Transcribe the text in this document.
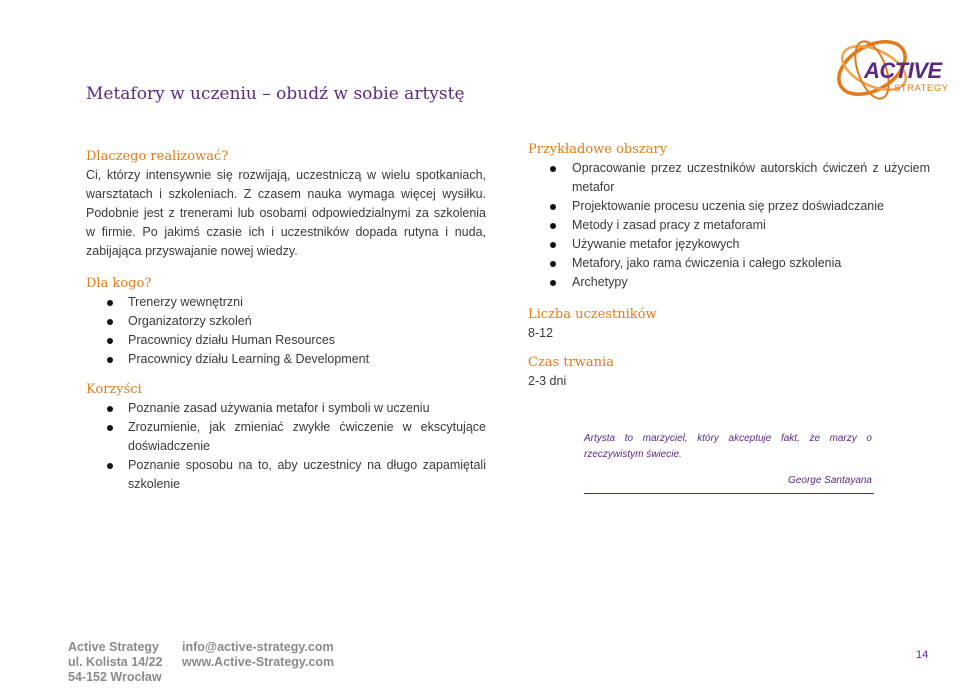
ACTIVE
STRATEGY
Metafory w uczeniu – obudź w sobie artystę
Dlaczego realizować?
Ci, którzy intensywnie się rozwijają, uczestniczą w wielu spotkaniach,
warsztatach i szkoleniach. Z czasem nauka wymaga więcej wysiłku.
Podobnie jest z trenerami lub osobami odpowiedzialnymi za szkolenia
w firmie. Po jakimś czasie ich i uczestników dopada rutyna i nuda,
zabijająca przyswajanie nowej wiedzy.
Dla kogo?
Trenerzy wewnętrzni
Organizatorzy szkoleń
Pracownicy działu Human Resources
Pracownicy działu Learning & Development
Korzyści
Poznanie zasad używania metafor i symboli w uczeniu
Zrozumienie, jak zmieniać zwykłe ćwiczenie w ekscytujące doświadczenie
Poznanie sposobu na to, aby uczestnicy na długo zapamiętali szkolenie
Przykładowe obszary
Opracowanie przez uczestników autorskich ćwiczeń z użyciem metafor
Projektowanie procesu uczenia się przez doświadczanie
Metody i zasad pracy z metaforami
Używanie metafor językowych
Metafory, jako rama ćwiczenia i całego szkolenia
Archetypy
Liczba uczestników
8-12
Czas trwania
2-3 dni
Artysta to marzyciel, który akceptuje fakt, że marzy o rzeczywistym świecie.
George Santayana
Active Strategy
ul. Kolista 14/22
54-152 Wrocław
info@active-strategy.com
www.Active-Strategy.com	14
